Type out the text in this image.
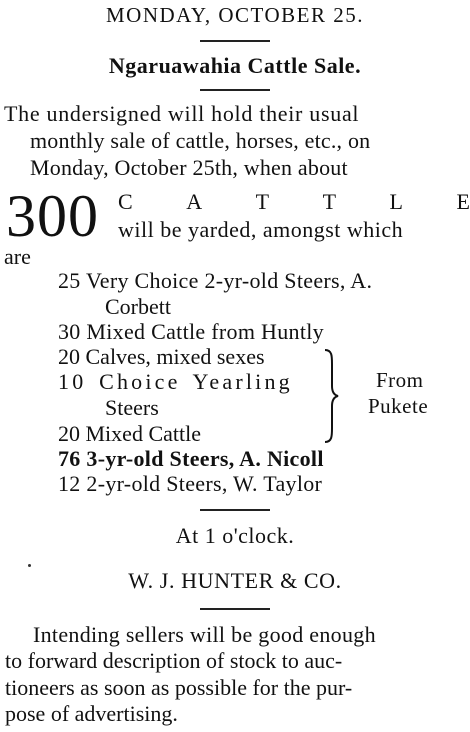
MONDAY, OCTOBER 25.
Ngaruawahia Cattle Sale.
The undersigned will hold their usual
monthly sale of cattle, horses, etc., on
Monday, October 25th, when about
300 C A T T L E
will be yarded, amongst which
are
25 Very Choice 2-yr-old Steers, A.
Corbett
30 Mixed Cattle from Huntly
20 Calves, mixed sexes
10 Choice Yearling
Steers
20 Mixed Cattle
76 3-yr-old Steers, A. Nicoll
12 2-yr-old Steers, W. Taylor
From
Pukete
At 1 o'clock.
W. J. HUNTER & CO.
Intending sellers will be good enough
to forward description of stock to auc-
tioneers as soon as possible for the pur-
pose of advertising.
